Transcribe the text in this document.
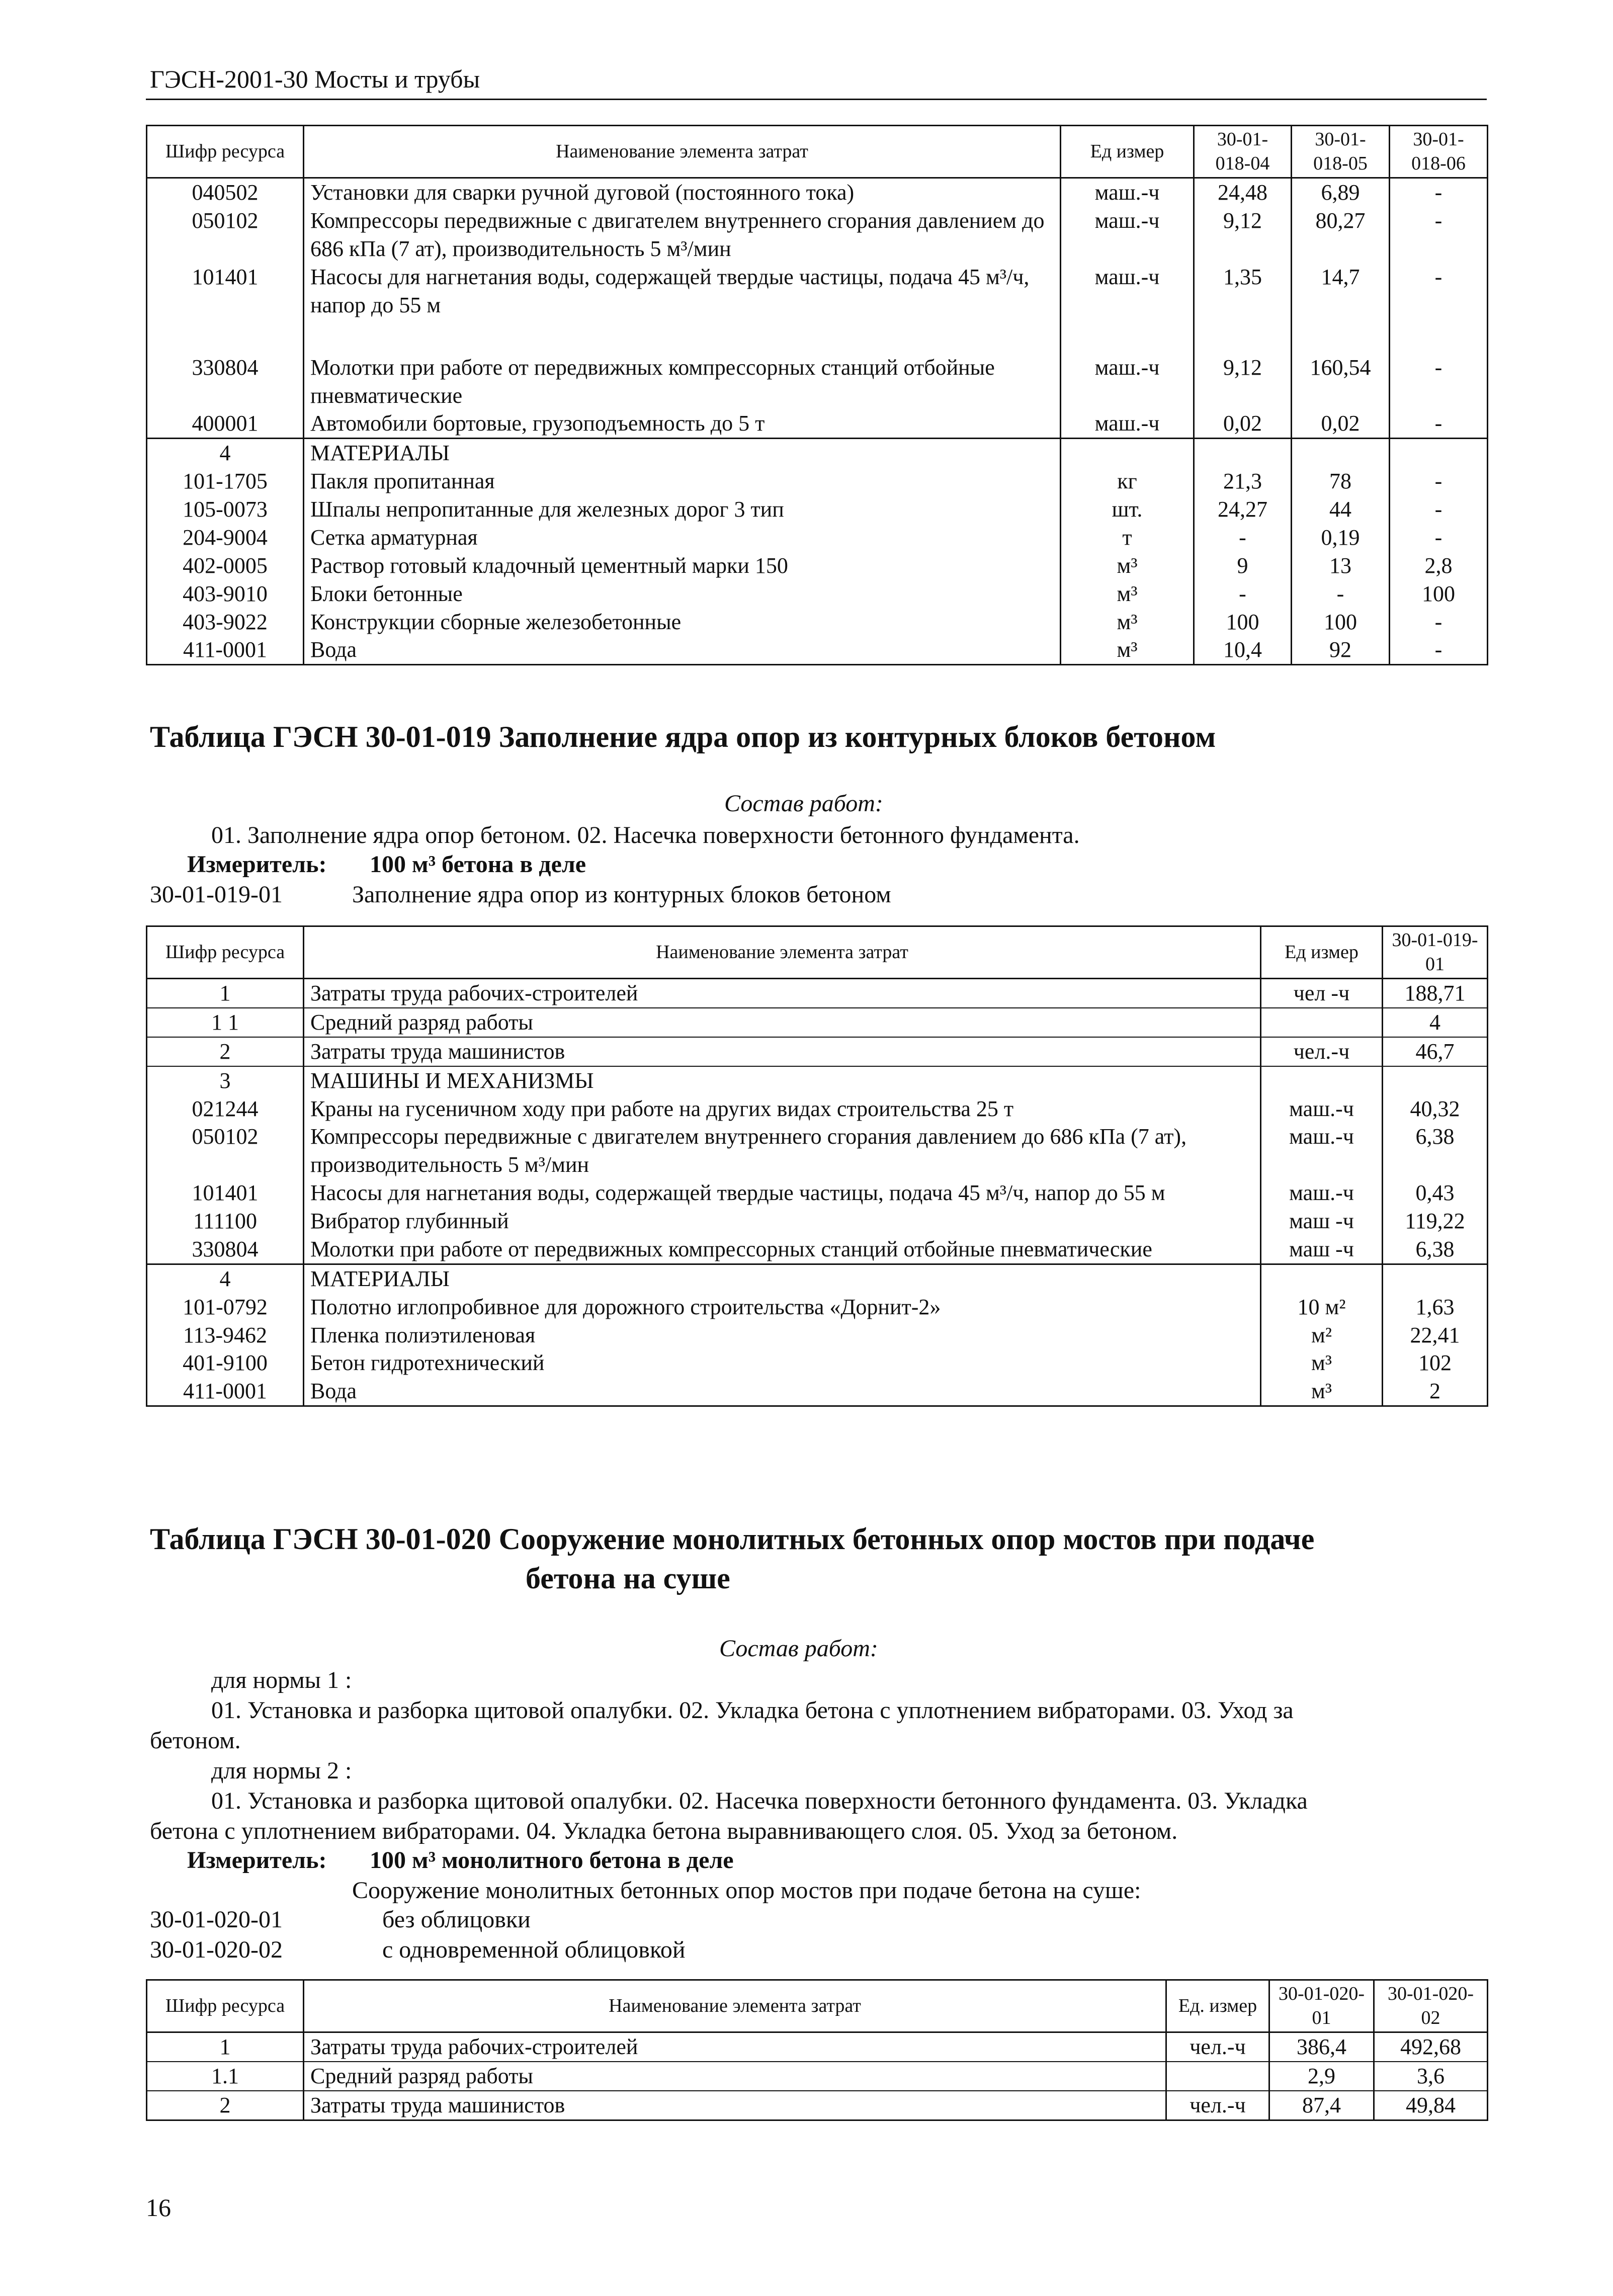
ГЭСН-2001-30 Мосты и трубы
Шифр ресурса	Наименование элемента затрат	Ед измер	30-01-018-04	30-01-018-05	30-01-018-06
040502	Установки для сварки ручной дуговой (постоянного тока)	маш.-ч	24,48	6,89	-
050102	Компрессоры передвижные с двигателем внутреннего сгорания давлением до 686 кПа (7 ат), производительность 5 м³/мин	маш.-ч	9,12	80,27	-
101401	Насосы для нагнетания воды, содержащей твердые частицы, подача 45 м³/ч, напор до 55 м	маш.-ч	1,35	14,7	-
330804	Молотки при работе от передвижных компрессорных станций отбойные пневматические	маш.-ч	9,12	160,54	-
400001	Автомобили бортовые, грузоподъемность до 5 т	маш.-ч	0,02	0,02	-
4	МАТЕРИАЛЫ				
101-1705	Пакля пропитанная	кг	21,3	78	-
105-0073	Шпалы непропитанные для железных дорог 3 тип	шт.	24,27	44	-
204-9004	Сетка арматурная	т	-	0,19	-
402-0005	Раствор готовый кладочный цементный марки 150	м³	9	13	2,8
403-9010	Блоки бетонные	м³	-	-	100
403-9022	Конструкции сборные железобетонные	м³	100	100	-
411-0001	Вода	м³	10,4	92	-
Таблица ГЭСН 30-01-019 Заполнение ядра опор из контурных блоков бетоном
Состав работ:
01. Заполнение ядра опор бетоном. 02. Насечка поверхности бетонного фундамента.
Измеритель: 100 м³ бетона в деле
30-01-019-01	Заполнение ядра опор из контурных блоков бетоном
Шифр ресурса	Наименование элемента затрат	Ед измер	30-01-019-01
1	Затраты труда рабочих-строителей	чел -ч	188,71
1 1	Средний разряд работы		4
2	Затраты труда машинистов	чел.-ч	46,7
3	МАШИНЫ И МЕХАНИЗМЫ		
021244	Краны на гусеничном ходу при работе на других видах строительства 25 т	маш.-ч	40,32
050102	Компрессоры передвижные с двигателем внутреннего сгорания давлением до 686 кПа (7 ат), производительность 5 м³/мин	маш.-ч	6,38
101401	Насосы для нагнетания воды, содержащей твердые частицы, подача 45 м³/ч, напор до 55 м	маш.-ч	0,43
111100	Вибратор глубинный	маш -ч	119,22
330804	Молотки при работе от передвижных компрессорных станций отбойные пневматические	маш -ч	6,38
4	МАТЕРИАЛЫ		
101-0792	Полотно иглопробивное для дорожного строительства «Дорнит-2»	10 м²	1,63
113-9462	Пленка полиэтиленовая	м²	22,41
401-9100	Бетон гидротехнический	м³	102
411-0001	Вода	м³	2
Таблица ГЭСН 30-01-020 Сооружение монолитных бетонных опор мостов при подаче
бетона на суше
Состав работ:
для нормы 1 :
01. Установка и разборка щитовой опалубки. 02. Укладка бетона с уплотнением вибраторами. 03. Уход за
бетоном.
для нормы 2 :
01. Установка и разборка щитовой опалубки. 02. Насечка поверхности бетонного фундамента. 03. Укладка
бетона с уплотнением вибраторами. 04. Укладка бетона выравнивающего слоя. 05. Уход за бетоном.
Измеритель: 100 м³ монолитного бетона в деле
Сооружение монолитных бетонных опор мостов при подаче бетона на суше:
30-01-020-01	без облицовки
30-01-020-02	с одновременной облицовкой
Шифр ресурса	Наименование элемента затрат	Ед. измер	30-01-020-01	30-01-020-02
1	Затраты труда рабочих-строителей	чел.-ч	386,4	492,68
1.1	Средний разряд работы		2,9	3,6
2	Затраты труда машинистов	чел.-ч	87,4	49,84
16
